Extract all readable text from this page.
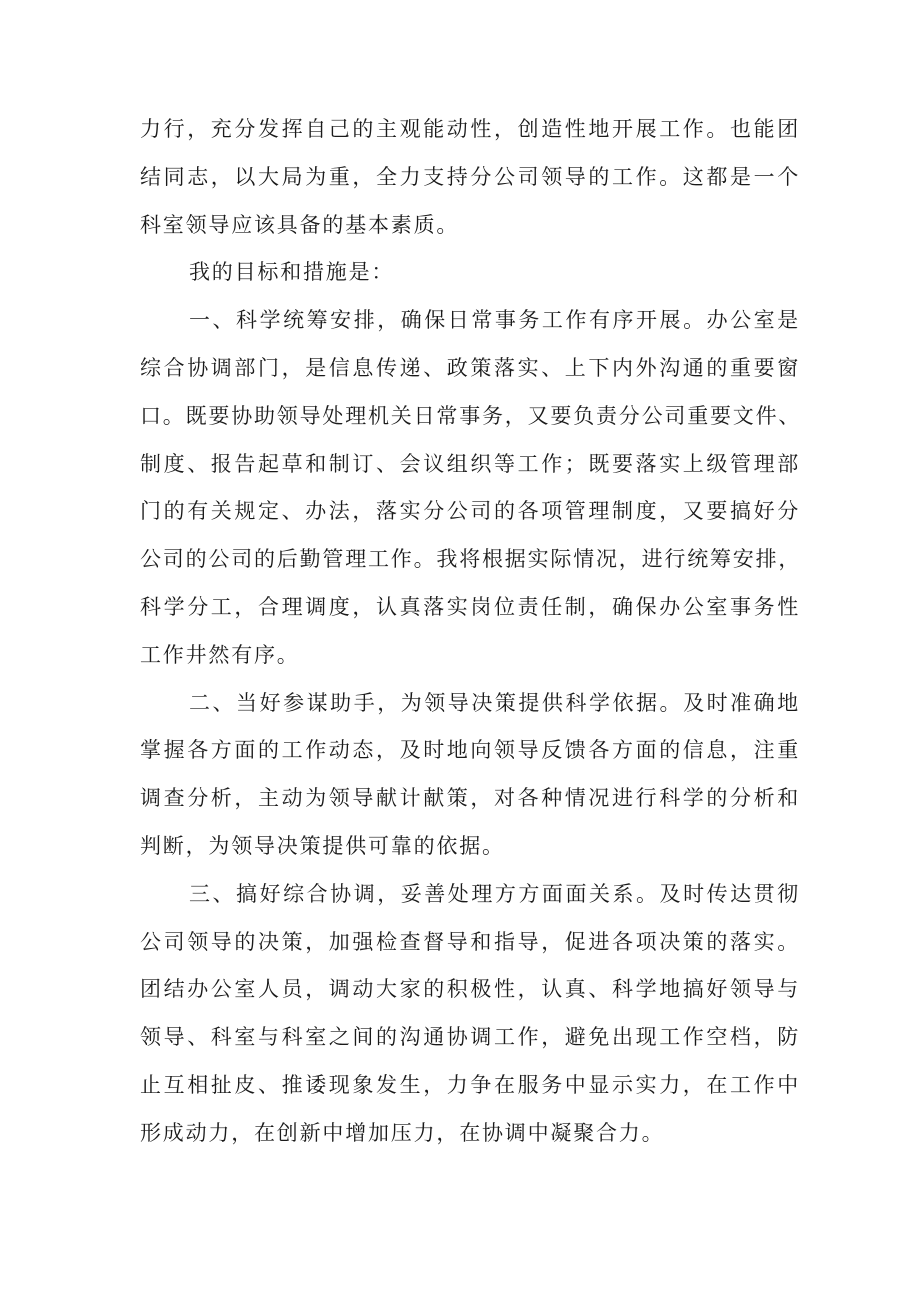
力行，充分发挥自己的主观能动性，创造性地开展工作。也能团
结同志，以大局为重，全力支持分公司领导的工作。这都是一个
科室领导应该具备的基本素质。
我的目标和措施是：
一、科学统筹安排，确保日常事务工作有序开展。办公室是
综合协调部门，是信息传递、政策落实、上下内外沟通的重要窗
口。既要协助领导处理机关日常事务，又要负责分公司重要文件、
制度、报告起草和制订、会议组织等工作；既要落实上级管理部
门的有关规定、办法，落实分公司的各项管理制度，又要搞好分
公司的公司的后勤管理工作。我将根据实际情况，进行统筹安排，
科学分工，合理调度，认真落实岗位责任制，确保办公室事务性
工作井然有序。
二、当好参谋助手，为领导决策提供科学依据。及时准确地
掌握各方面的工作动态，及时地向领导反馈各方面的信息，注重
调查分析，主动为领导献计献策，对各种情况进行科学的分析和
判断，为领导决策提供可靠的依据。
三、搞好综合协调，妥善处理方方面面关系。及时传达贯彻
公司领导的决策，加强检查督导和指导，促进各项决策的落实。
团结办公室人员，调动大家的积极性，认真、科学地搞好领导与
领导、科室与科室之间的沟通协调工作，避免出现工作空档，防
止互相扯皮、推诿现象发生，力争在服务中显示实力，在工作中
形成动力，在创新中增加压力，在协调中凝聚合力。
